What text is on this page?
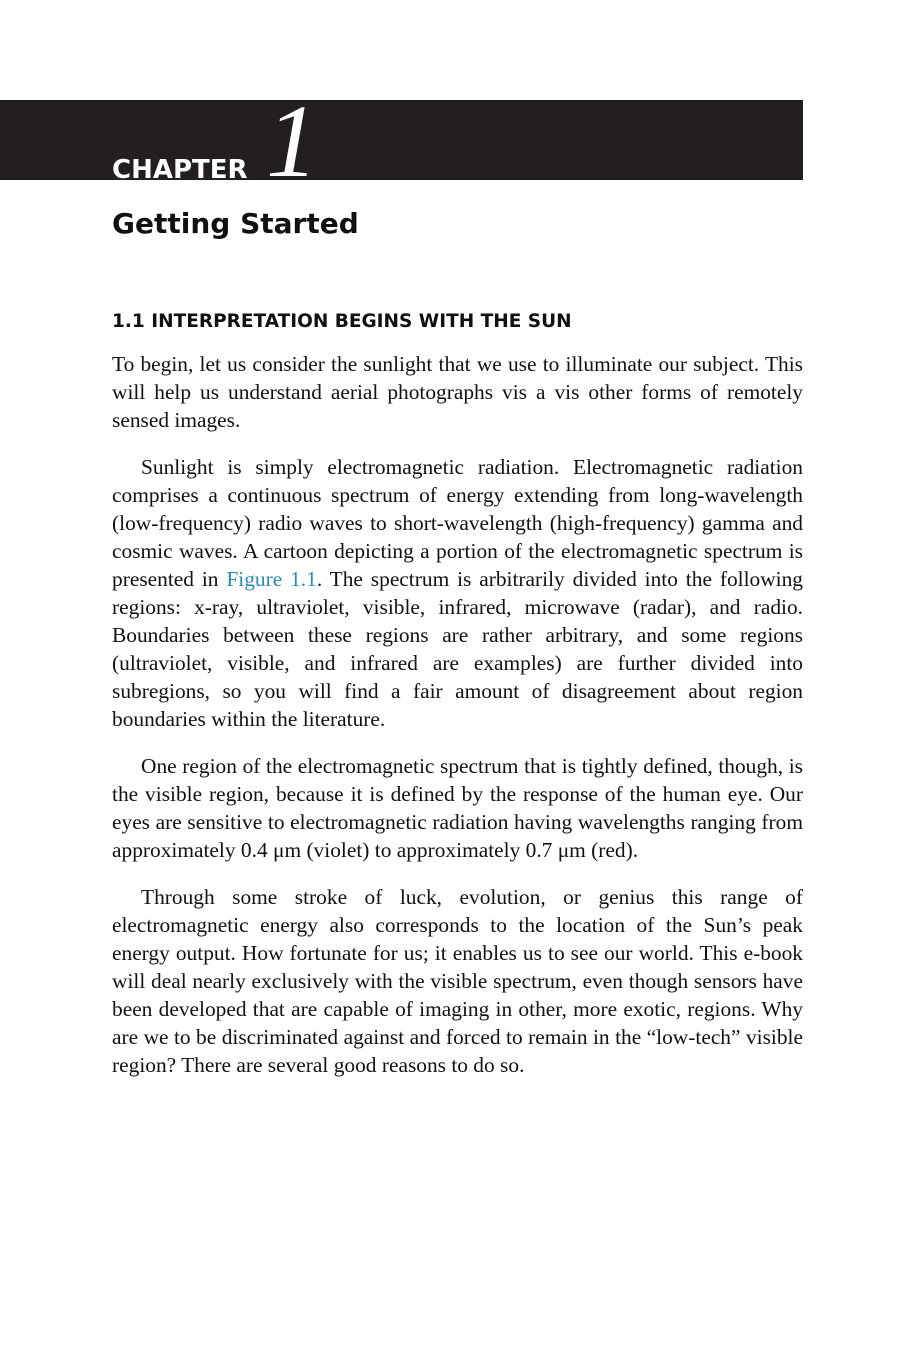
CHAPTER 1
Getting Started
1.1 INTERPRETATION BEGINS WITH THE SUN

To begin, let us consider the sunlight that we use to illuminate our subject. This will help us understand aerial photographs vis a vis other forms of remotely sensed images.

Sunlight is simply electromagnetic radiation. Electromagnetic radiation comprises a continuous spectrum of energy extending from long-wavelength (low-frequency) radio waves to short-wavelength (high-frequency) gamma and cosmic waves. A cartoon depicting a portion of the electromagnetic spectrum is presented in Figure 1.1. The spectrum is arbitrarily divided into the following regions: x-ray, ultraviolet, visible, infrared, microwave (radar), and radio. Boundaries between these regions are rather arbitrary, and some regions (ultraviolet, visible, and infrared are examples) are further divided into subregions, so you will find a fair amount of disagreement about region boundaries within the literature.

One region of the electromagnetic spectrum that is tightly defined, though, is the visible region, because it is defined by the response of the human eye. Our eyes are sensitive to electromagnetic radiation having wavelengths ranging from approximately 0.4 μm (violet) to approximately 0.7 μm (red).

Through some stroke of luck, evolution, or genius this range of electromagnetic energy also corresponds to the location of the Sun’s peak energy output. How fortunate for us; it enables us to see our world. This e-book will deal nearly exclusively with the visible spectrum, even though sensors have been developed that are capable of imaging in other, more exotic, regions. Why are we to be discriminated against and forced to remain in the “low-tech” visible region? There are several good reasons to do so.
